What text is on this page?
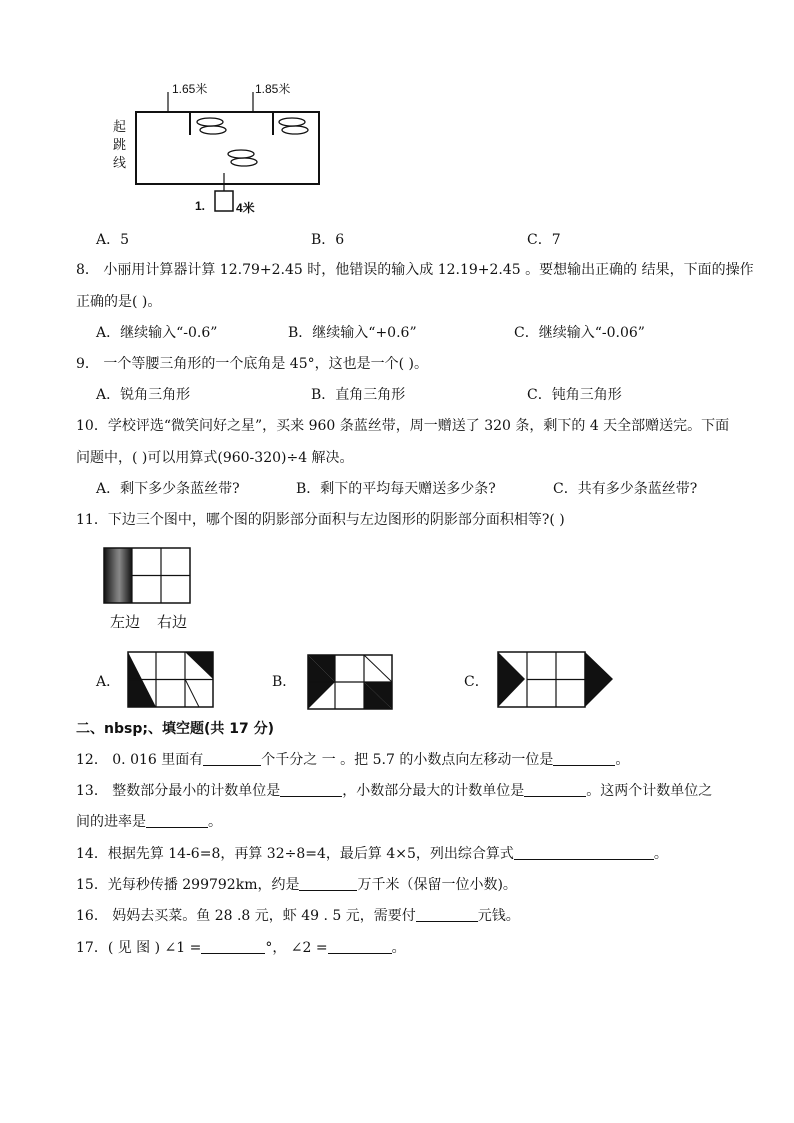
1.65米	1.85米
起
跳
线
1.	4米
A．5	B．6	C．7
8． 小丽用计算器计算 12.79+2.45 时，他错误的输入成 12.19+2.45 。要想输出正确的 结果，下面的操作
正确的是( )。
A．继续输入“-0.6”	B．继续输入“+0.6”	C．继续输入“-0.06”
9． 一个等腰三角形的一个底角是 45°，这也是一个( )。
A．锐角三角形	B．直角三角形	C．钝角三角形
10．学校评选“微笑问好之星”，买来 960 条蓝丝带，周一赠送了 320 条，剩下的 4 天全部赠送完。下面
问题中，( )可以用算式(960-320)÷4 解决。
A．剩下多少条蓝丝带?	B．剩下的平均每天赠送多少条?	C．共有多少条蓝丝带?
11．下边三个图中，哪个图的阴影部分面积与左边图形的阴影部分面积相等?( )
左边 右边
A．	B．	C．
二、nbsp;、填空题(共 17 分)
12． 0. 016 里面有	个千分之 一 。把 5.7 的小数点向左移动一位是	。
13． 整数部分最小的计数单位是	，小数部分最大的计数单位是	。这两个计数单位之
间的进率是	。
14．根据先算 14-6=8，再算 32÷8=4，最后算 4×5，列出综合算式	。
15．光每秒传播 299792km，约是	万千米（保留一位小数)。
16． 妈妈去买菜。鱼 28 .8 元，虾 49 . 5 元，需要付	元钱。
17．( 见 图 ) ∠1 =	°， ∠2 =	。
